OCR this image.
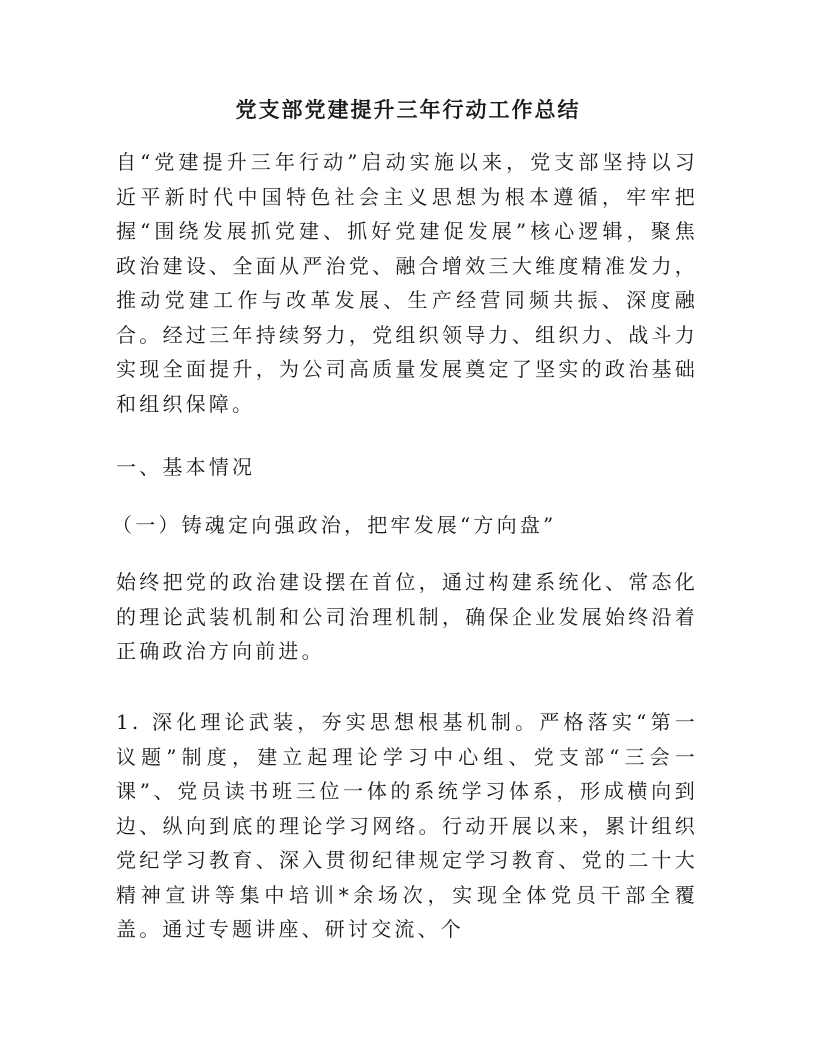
党支部党建提升三年行动工作总结

自“党建提升三年行动”启动实施以来，党支部坚持以习近平新时代中国特色社会主义思想为根本遵循，牢牢把握“围绕发展抓党建、抓好党建促发展”核心逻辑，聚焦政治建设、全面从严治党、融合增效三大维度精准发力，推动党建工作与改革发展、生产经营同频共振、深度融合。经过三年持续努力，党组织领导力、组织力、战斗力实现全面提升，为公司高质量发展奠定了坚实的政治基础和组织保障。

一、基本情况

（一）铸魂定向强政治，把牢发展“方向盘”

始终把党的政治建设摆在首位，通过构建系统化、常态化的理论武装机制和公司治理机制，确保企业发展始终沿着正确政治方向前进。

1. 深化理论武装，夯实思想根基机制。严格落实“第一议题”制度，建立起理论学习中心组、党支部“三会一课”、党员读书班三位一体的系统学习体系，形成横向到边、纵向到底的理论学习网络。行动开展以来，累计组织党纪学习教育、深入贯彻纪律规定学习教育、党的二十大精神宣讲等集中培训*余场次，实现全体党员干部全覆盖。通过专题讲座、研讨交流、个
